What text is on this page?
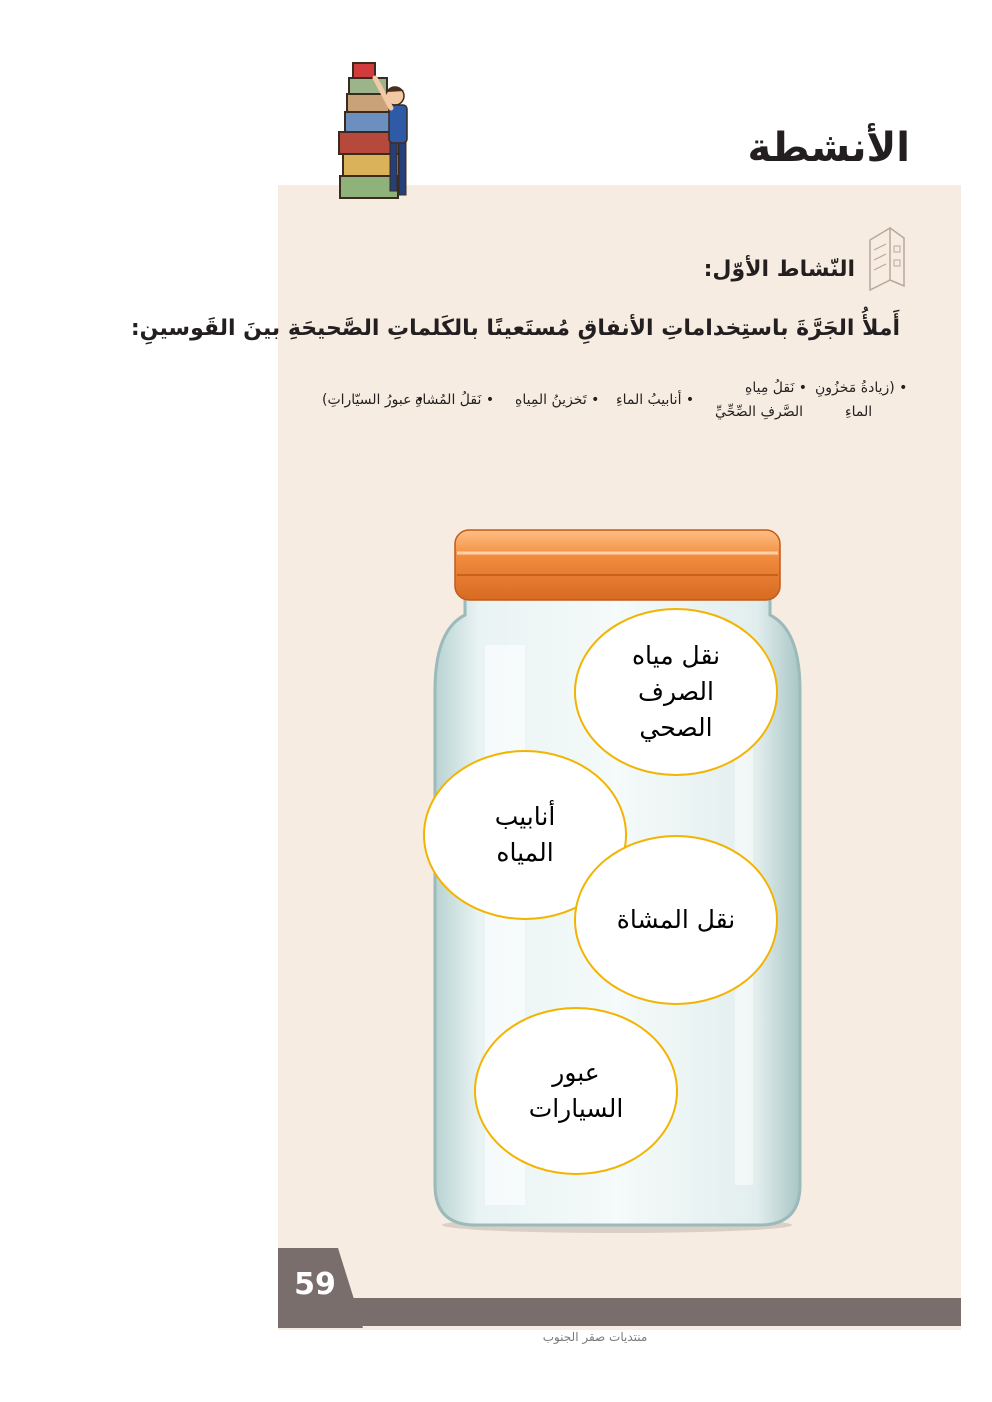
الأنشطة
النّشاط الأوّل:
أَملأُ الجَرَّةَ باستِخداماتِ الأنفاقِ مُستَعينًا بالكَلماتِ الصَّحيحَةِ بينَ القَوسينِ:
• (زيادةُ مَخزُونِ
الماءِ
• نَقلُ مِياهِ
الصَّرفِ الصِّحِّيِّ
• أنابيبُ الماءِ
• تَخزينُ المِياهِ
• نَقلُ المُشاةِ
• عبورُ السيّاراتِ)
نقل مياه
الصرف
الصحي
أنابيب
المياه
نقل المشاة
عبور
السيارات
59
منتديات صقر الجنوب
